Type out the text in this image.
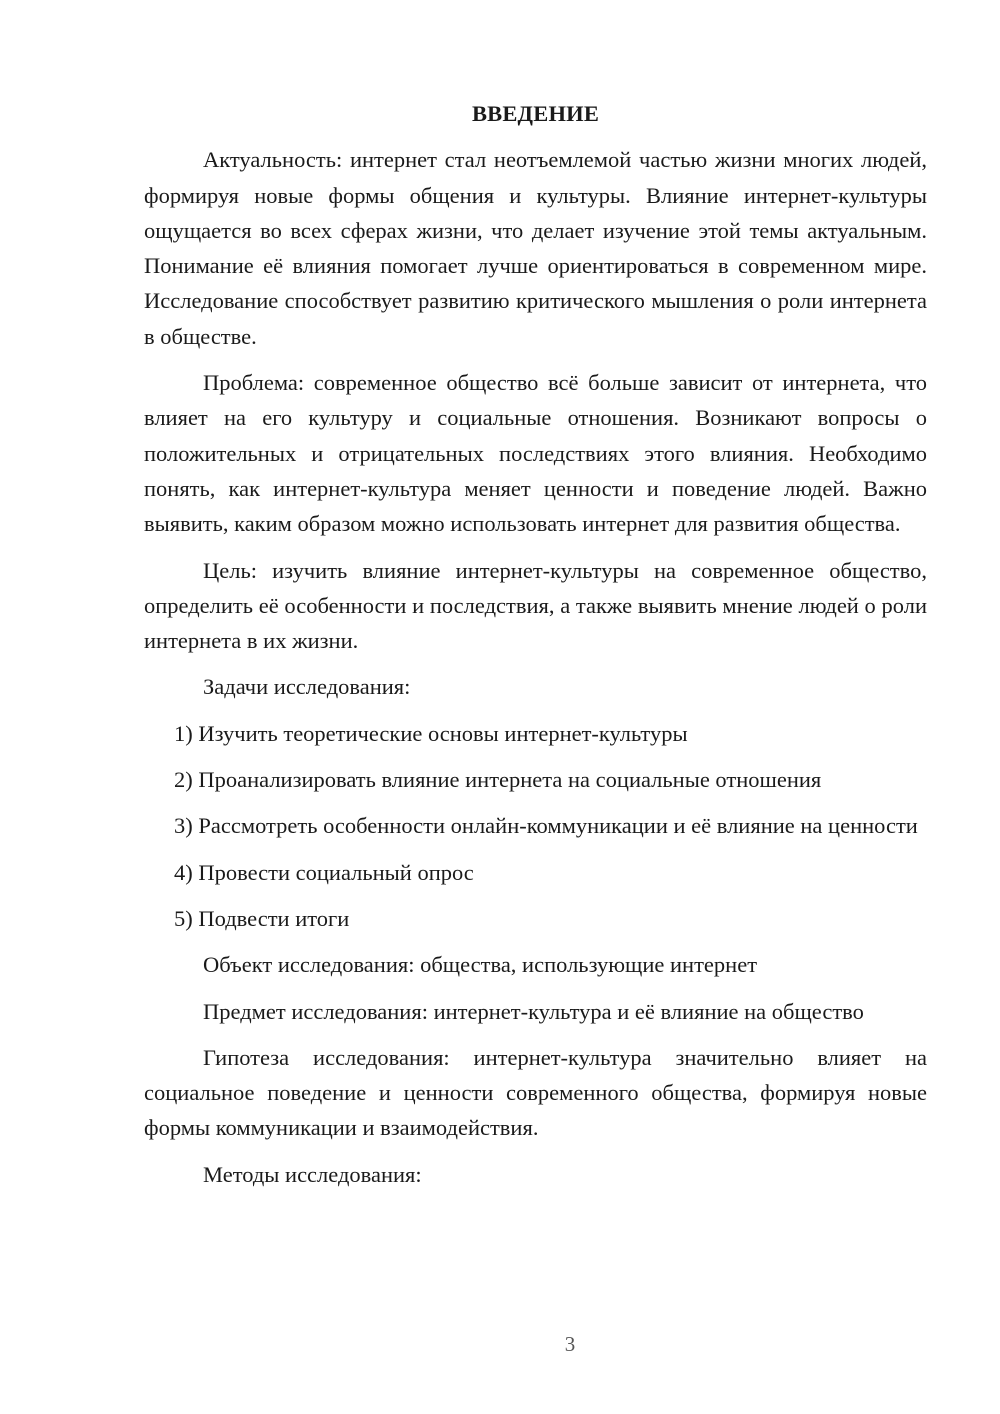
ВВЕДЕНИЕ

Актуальность: интернет стал неотъемлемой частью жизни многих людей, формируя новые формы общения и культуры. Влияние интернет-культуры ощущается во всех сферах жизни, что делает изучение этой темы актуальным. Понимание её влияния помогает лучше ориентироваться в современном мире. Исследование способствует развитию критического мышления о роли интернета в обществе.

Проблема: современное общество всё больше зависит от интернета, что влияет на его культуру и социальные отношения. Возникают вопросы о положительных и отрицательных последствиях этого влияния. Необходимо понять, как интернет-культура меняет ценности и поведение людей. Важно выявить, каким образом можно использовать интернет для развития общества.

Цель: изучить влияние интернет-культуры на современное общество, определить её особенности и последствия, а также выявить мнение людей о роли интернета в их жизни.

Задачи исследования:

1) Изучить теоретические основы интернет-культуры

2) Проанализировать влияние интернета на социальные отношения

3) Рассмотреть особенности онлайн-коммуникации и её влияние на ценности

4) Провести социальный опрос

5) Подвести итоги

Объект исследования: общества, использующие интернет

Предмет исследования: интернет-культура и её влияние на общество

Гипотеза исследования: интернет-культура значительно влияет на социальное поведение и ценности современного общества, формируя новые формы коммуникации и взаимодействия.

Методы исследования:

3
